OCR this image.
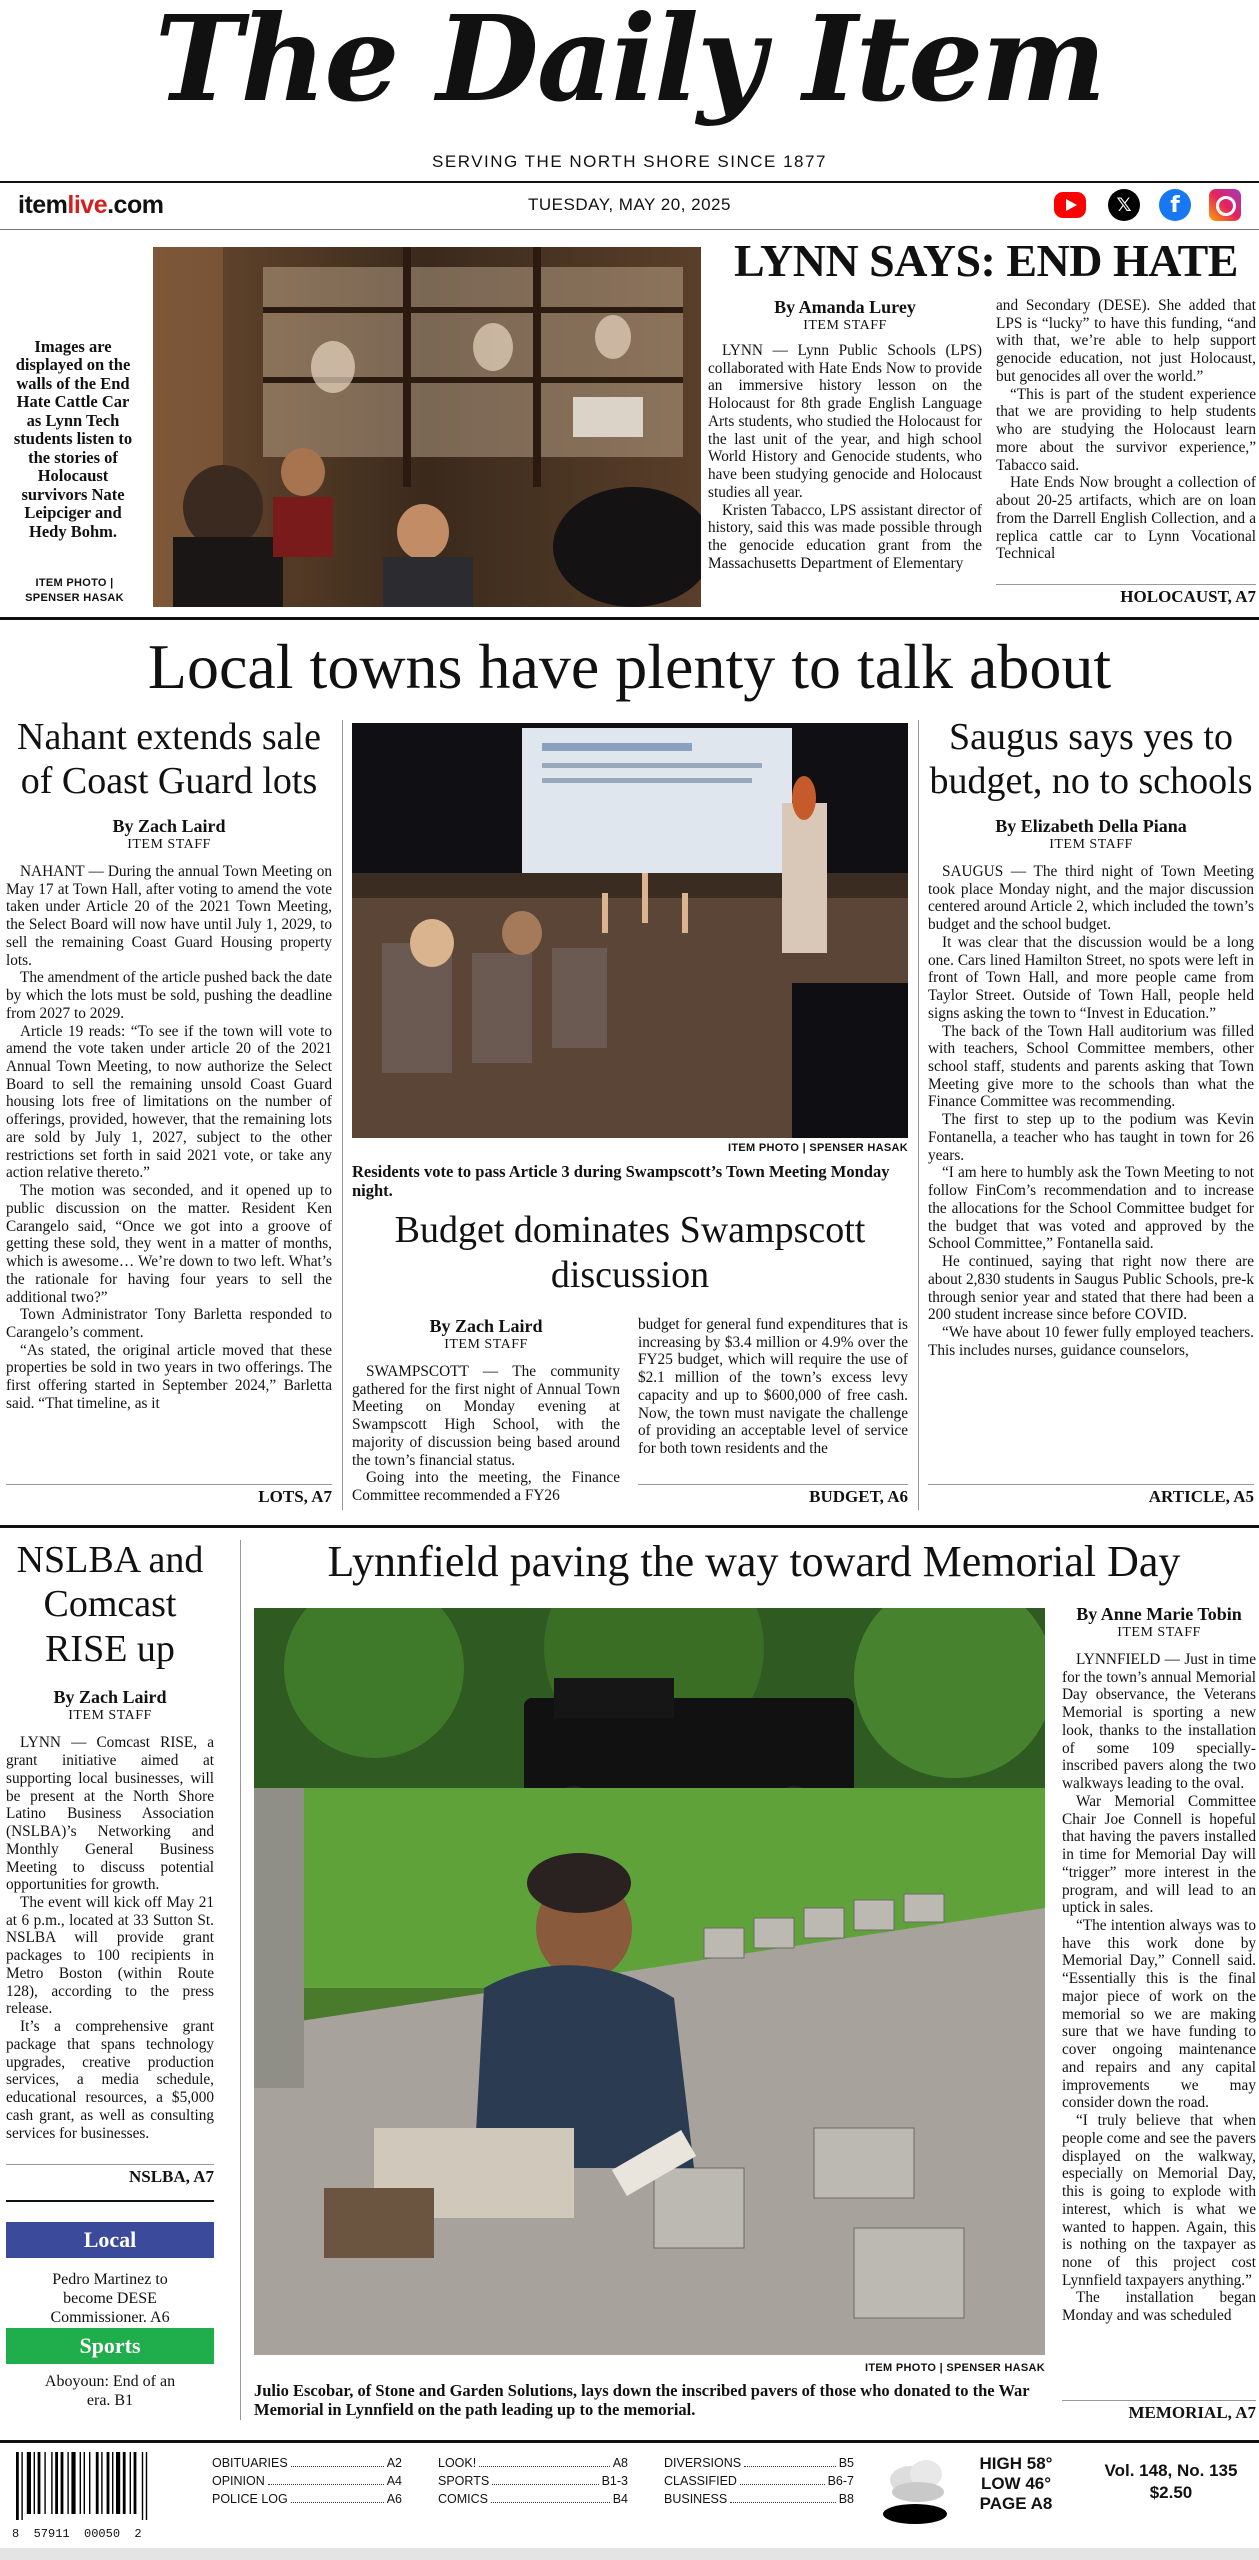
The Daily Item
SERVING THE NORTH SHORE SINCE 1877
itemlive.com	TUESDAY, MAY 20, 2025	𝕏	f
Images are displayed on the walls of the End Hate Cattle Car as Lynn Tech students listen to the stories of Holocaust survivors Nate Leipciger and Hedy Bohm.
ITEM PHOTO | SPENSER HASAK
LYNN SAYS: END HATE
By Amanda Lurey
ITEM STAFF

LYNN — Lynn Public Schools (LPS) collaborated with Hate Ends Now to provide an immersive history lesson on the Holocaust for 8th grade English Language Arts students, who studied the Holocaust for the last unit of the year, and high school World History and Genocide students, who have been studying genocide and Holocaust studies all year.

Kristen Tabacco, LPS assistant director of history, said this was made possible through the genocide education grant from the Massachusetts Department of Elementary

and Secondary (DESE). She added that LPS is “lucky” to have this funding, “and with that, we’re able to help support genocide education, not just Holocaust, but genocides all over the world.”

“This is part of the student experience that we are providing to help students who are studying the Holocaust learn more about the survivor experience,” Tabacco said.

Hate Ends Now brought a collection of about 20-25 artifacts, which are on loan from the Darrell English Collection, and a replica cattle car to Lynn Vocational Technical

HOLOCAUST, A7
Local towns have plenty to talk about
Nahant extends sale of Coast Guard lots
By Zach Laird
ITEM STAFF

NAHANT — During the annual Town Meeting on May 17 at Town Hall, after voting to amend the vote taken under Article 20 of the 2021 Town Meeting, the Select Board will now have until July 1, 2029, to sell the remaining Coast Guard Housing property lots.

The amendment of the article pushed back the date by which the lots must be sold, pushing the deadline from 2027 to 2029.

Article 19 reads: “To see if the town will vote to amend the vote taken under article 20 of the 2021 Annual Town Meeting, to now authorize the Select Board to sell the remaining unsold Coast Guard housing lots free of limitations on the number of offerings, provided, however, that the remaining lots are sold by July 1, 2027, subject to the other restrictions set forth in said 2021 vote, or take any action relative thereto.”

The motion was seconded, and it opened up to public discussion on the matter. Resident Ken Carangelo said, “Once we got into a groove of getting these sold, they went in a matter of months, which is awesome… We’re down to two left. What’s the rationale for having four years to sell the additional two?”

Town Administrator Tony Barletta responded to Carangelo’s comment.

“As stated, the original article moved that these properties be sold in two years in two offerings. The first offering started in September 2024,” Barletta said. “That timeline, as it

LOTS, A7
ITEM PHOTO | SPENSER HASAK
Residents vote to pass Article 3 during Swampscott’s Town Meeting Monday night.
Budget dominates Swampscott discussion
By Zach Laird
ITEM STAFF

SWAMPSCOTT — The community gathered for the first night of Annual Town Meeting on Monday evening at Swampscott High School, with the majority of discussion being based around the town’s financial status.

Going into the meeting, the Finance Committee recommended a FY26

budget for general fund expenditures that is increasing by $3.4 million or 4.9% over the FY25 budget, which will require the use of $2.1 million of the town’s excess levy capacity and up to $600,000 of free cash. Now, the town must navigate the challenge of providing an acceptable level of service for both town residents and the

BUDGET, A6
Saugus says yes to budget, no to schools
By Elizabeth Della Piana
ITEM STAFF

SAUGUS — The third night of Town Meeting took place Monday night, and the major discussion centered around Article 2, which included the town’s budget and the school budget.

It was clear that the discussion would be a long one. Cars lined Hamilton Street, no spots were left in front of Town Hall, and more people came from Taylor Street. Outside of Town Hall, people held signs asking the town to “Invest in Education.”

The back of the Town Hall auditorium was filled with teachers, School Committee members, other school staff, students and parents asking that Town Meeting give more to the schools than what the Finance Committee was recommending.

The first to step up to the podium was Kevin Fontanella, a teacher who has taught in town for 26 years.

“I am here to humbly ask the Town Meeting to not follow FinCom’s recommendation and to increase the allocations for the School Committee budget for the budget that was voted and approved by the School Committee,” Fontanella said.

He continued, saying that right now there are about 2,830 students in Saugus Public Schools, pre-k through senior year and stated that there had been a 200 student increase since before COVID.

“We have about 10 fewer fully employed teachers. This includes nurses, guidance counselors,

ARTICLE, A5
NSLBA and Comcast RISE up
By Zach Laird
ITEM STAFF

LYNN — Comcast RISE, a grant initiative aimed at supporting local businesses, will be present at the North Shore Latino Business Association (NSLBA)’s Networking and Monthly General Business Meeting to discuss potential opportunities for growth.

The event will kick off May 21 at 6 p.m., located at 33 Sutton St. NSLBA will provide grant packages to 100 recipients in Metro Boston (within Route 128), according to the press release.

It’s a comprehensive grant package that spans technology upgrades, creative production services, a media schedule, educational resources, a $5,000 cash grant, as well as consulting services for businesses.

NSLBA, A7
Local
Pedro Martinez to become DESE Commissioner. A6
Sports
Aboyoun: End of an era. B1
Lynnfield paving the way toward Memorial Day
ITEM PHOTO | SPENSER HASAK
Julio Escobar, of Stone and Garden Solutions, lays down the inscribed pavers of those who donated to the War Memorial in Lynnfield on the path leading up to the memorial.
By Anne Marie Tobin
ITEM STAFF

LYNNFIELD — Just in time for the town’s annual Memorial Day observance, the Veterans Memorial is sporting a new look, thanks to the installation of some 109 specially-inscribed pavers along the two walkways leading to the oval.

War Memorial Committee Chair Joe Connell is hopeful that having the pavers installed in time for Memorial Day will “trigger” more interest in the program, and will lead to an uptick in sales.

“The intention always was to have this work done by Memorial Day,” Connell said. “Essentially this is the final major piece of work on the memorial so we are making sure that we have funding to cover ongoing maintenance and repairs and any capital improvements we may consider down the road.

“I truly believe that when people come and see the pavers displayed on the walkway, especially on Memorial Day, this is going to explode with interest, which is what we wanted to happen. Again, this is nothing on the taxpayer as none of this project cost Lynnfield taxpayers anything.”

The installation began Monday and was scheduled

MEMORIAL, A7
8  57911  00050  2
OBITUARIES	A2
OPINION	A4
POLICE LOG	A6
LOOK!	A8
SPORTS	B1-3
COMICS	B4
DIVERSIONS	B5
CLASSIFIED	B6-7
BUSINESS	B8
HIGH 58°
LOW 46°
PAGE A8
Vol. 148, No. 135
$2.50
